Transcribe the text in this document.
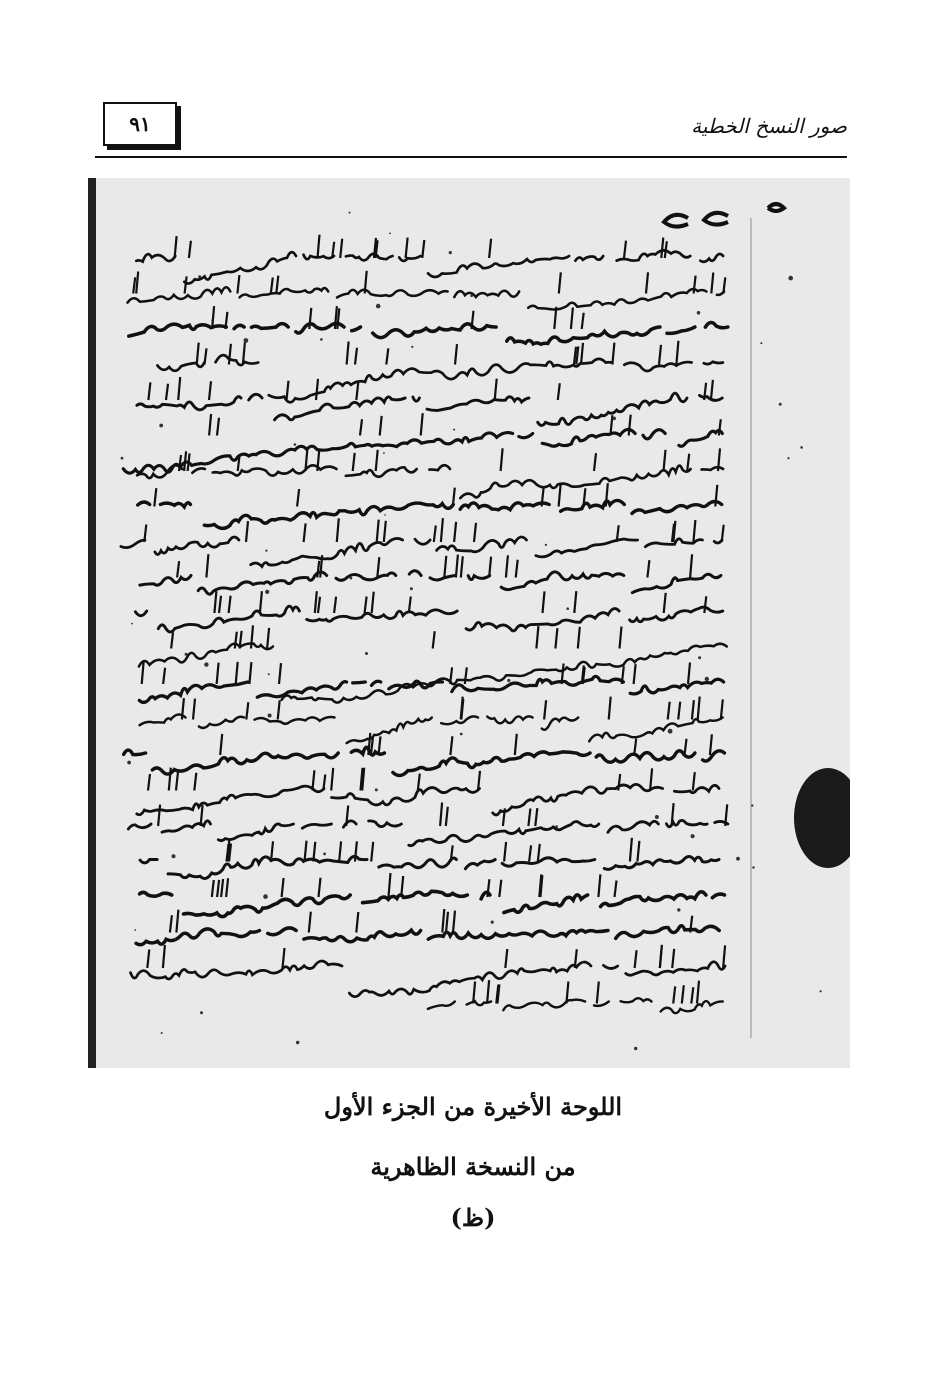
٩١	صور النسخ الخطية
اللوحة الأخيرة من الجزء الأول
من النسخة الظاهرية
(ظ)
